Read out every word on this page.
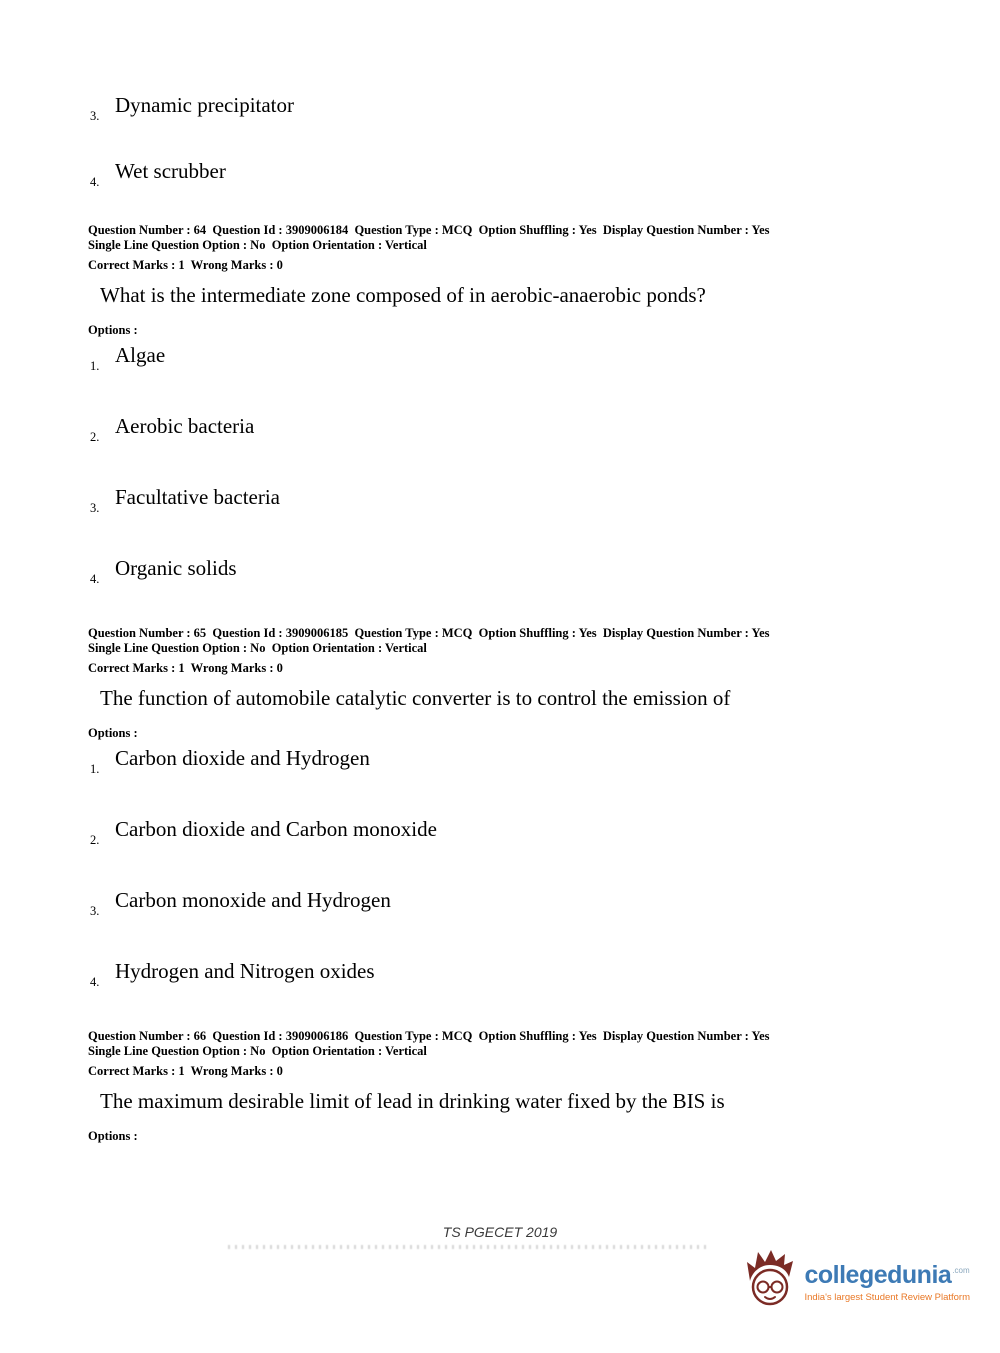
3. Dynamic precipitator
4. Wet scrubber
Question Number : 64  Question Id : 3909006184  Question Type : MCQ  Option Shuffling : Yes  Display Question Number : Yes
Single Line Question Option : No  Option Orientation : Vertical
Correct Marks : 1  Wrong Marks : 0
What is the intermediate zone composed of in aerobic-anaerobic ponds?
Options :
1. Algae
2. Aerobic bacteria
3. Facultative bacteria
4. Organic solids
Question Number : 65  Question Id : 3909006185  Question Type : MCQ  Option Shuffling : Yes  Display Question Number : Yes
Single Line Question Option : No  Option Orientation : Vertical
Correct Marks : 1  Wrong Marks : 0
The function of automobile catalytic converter is to control the emission of
Options :
1. Carbon dioxide and Hydrogen
2. Carbon dioxide and Carbon monoxide
3. Carbon monoxide and Hydrogen
4. Hydrogen and Nitrogen oxides
Question Number : 66  Question Id : 3909006186  Question Type : MCQ  Option Shuffling : Yes  Display Question Number : Yes
Single Line Question Option : No  Option Orientation : Vertical
Correct Marks : 1  Wrong Marks : 0
The maximum desirable limit of lead in drinking water fixed by the BIS is
Options :
TS PGECET 2019
collegedunia$^{.com}$
India's largest Student Review Platform
